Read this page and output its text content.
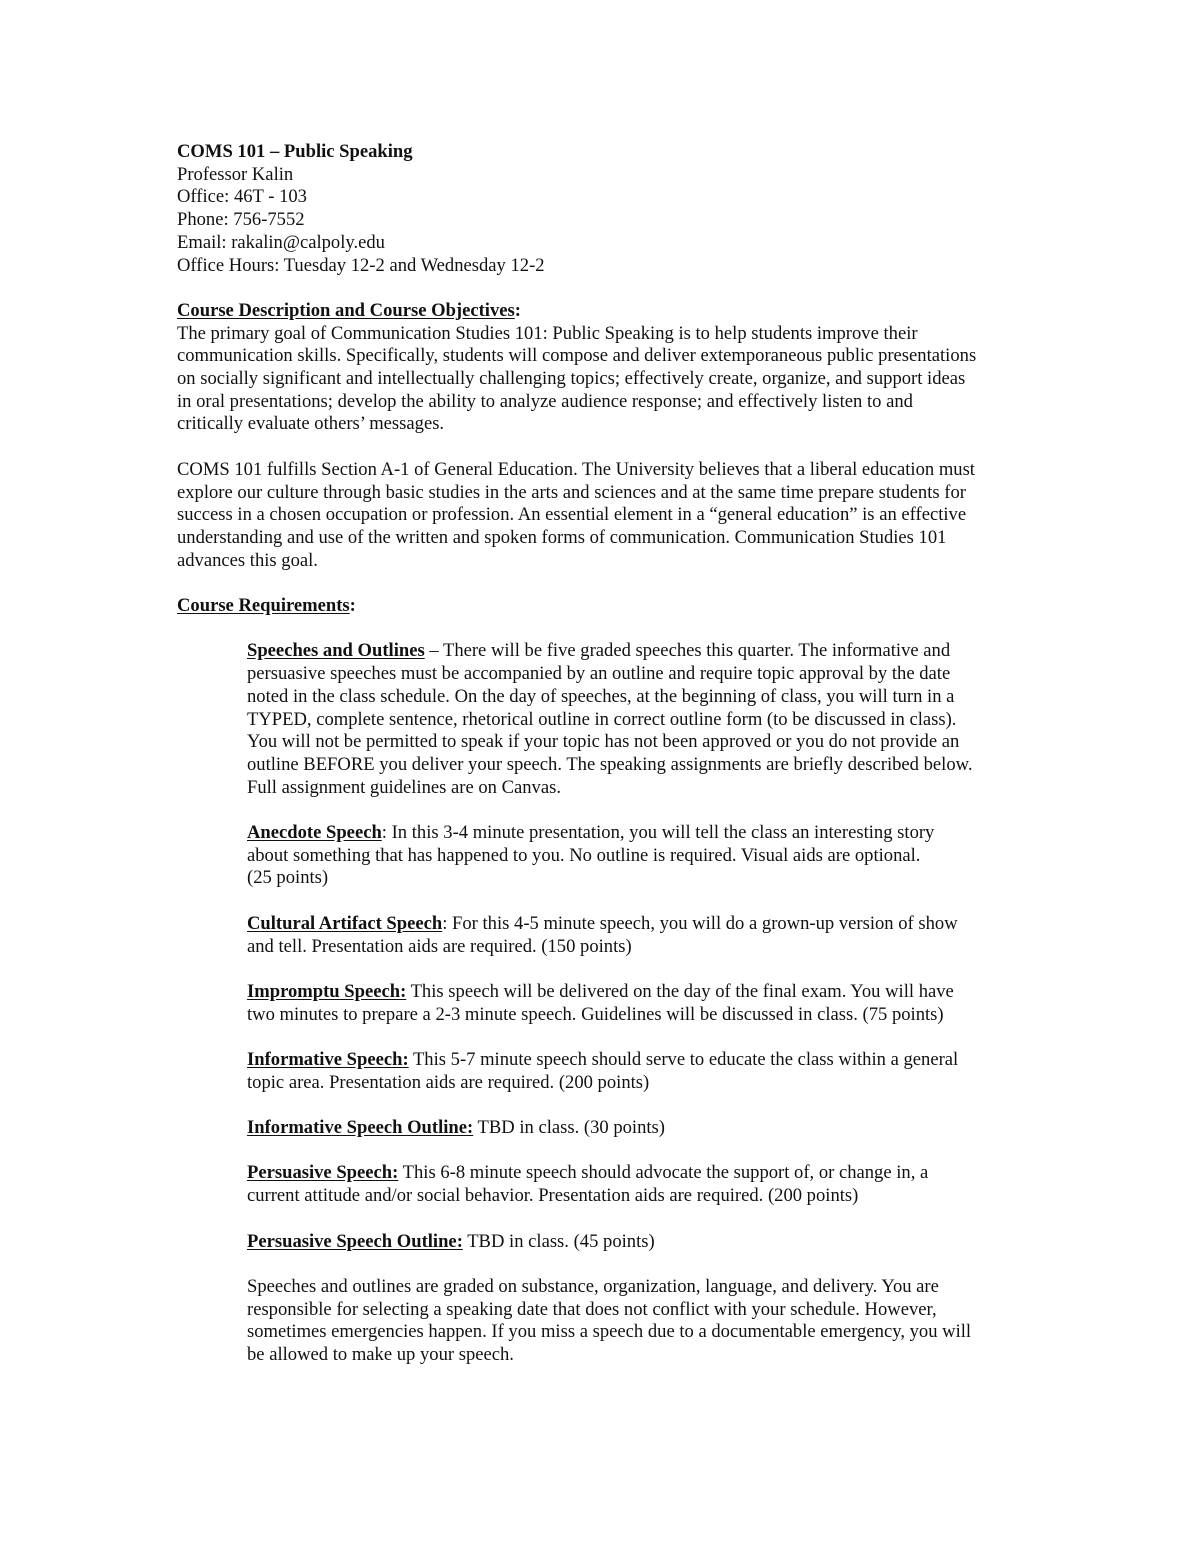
COMS 101 – Public Speaking
Professor Kalin
Office: 46T - 103
Phone: 756-7552
Email: rakalin@calpoly.edu
Office Hours: Tuesday 12-2 and Wednesday 12-2
Course Description and Course Objectives:
The primary goal of Communication Studies 101: Public Speaking is to help students improve their
communication skills. Specifically, students will compose and deliver extemporaneous public presentations
on socially significant and intellectually challenging topics; effectively create, organize, and support ideas
in oral presentations; develop the ability to analyze audience response; and effectively listen to and
critically evaluate others’ messages.
COMS 101 fulfills Section A-1 of General Education. The University believes that a liberal education must
explore our culture through basic studies in the arts and sciences and at the same time prepare students for
success in a chosen occupation or profession. An essential element in a “general education” is an effective
understanding and use of the written and spoken forms of communication. Communication Studies 101
advances this goal.
Course Requirements:
Speeches and Outlines – There will be five graded speeches this quarter. The informative and
persuasive speeches must be accompanied by an outline and require topic approval by the date
noted in the class schedule. On the day of speeches, at the beginning of class, you will turn in a
TYPED, complete sentence, rhetorical outline in correct outline form (to be discussed in class).
You will not be permitted to speak if your topic has not been approved or you do not provide an
outline BEFORE you deliver your speech. The speaking assignments are briefly described below.
Full assignment guidelines are on Canvas.
Anecdote Speech: In this 3-4 minute presentation, you will tell the class an interesting story
about something that has happened to you. No outline is required. Visual aids are optional.
(25 points)
Cultural Artifact Speech: For this 4-5 minute speech, you will do a grown-up version of show
and tell. Presentation aids are required. (150 points)
Impromptu Speech: This speech will be delivered on the day of the final exam. You will have
two minutes to prepare a 2-3 minute speech. Guidelines will be discussed in class. (75 points)
Informative Speech: This 5-7 minute speech should serve to educate the class within a general
topic area. Presentation aids are required. (200 points)
Informative Speech Outline: TBD in class. (30 points)
Persuasive Speech: This 6-8 minute speech should advocate the support of, or change in, a
current attitude and/or social behavior. Presentation aids are required. (200 points)
Persuasive Speech Outline: TBD in class. (45 points)
Speeches and outlines are graded on substance, organization, language, and delivery. You are
responsible for selecting a speaking date that does not conflict with your schedule. However,
sometimes emergencies happen. If you miss a speech due to a documentable emergency, you will
be allowed to make up your speech.
